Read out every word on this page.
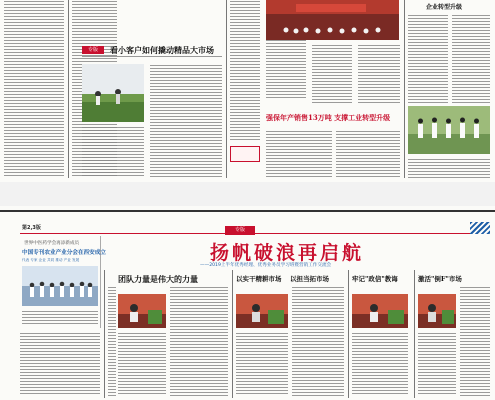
专版	看小客户如何撬动精品大市场
强保年产销售13万吨 支撑工业转型升级
企业转型升级
第2,3版	专版
世界中医药学会再添新成员
中国专刊农业产业分会在西安成立
代表 专家 企业 共同 推动 产业 发展	扬帆破浪再启航
——2019上半年优秀经理、优秀业务员学习班暨营销工作交流会
团队力量是伟大的力量	以实干精耕市场 以担当拓市场	牢记"政信"教诲	激活"倒F"市场
